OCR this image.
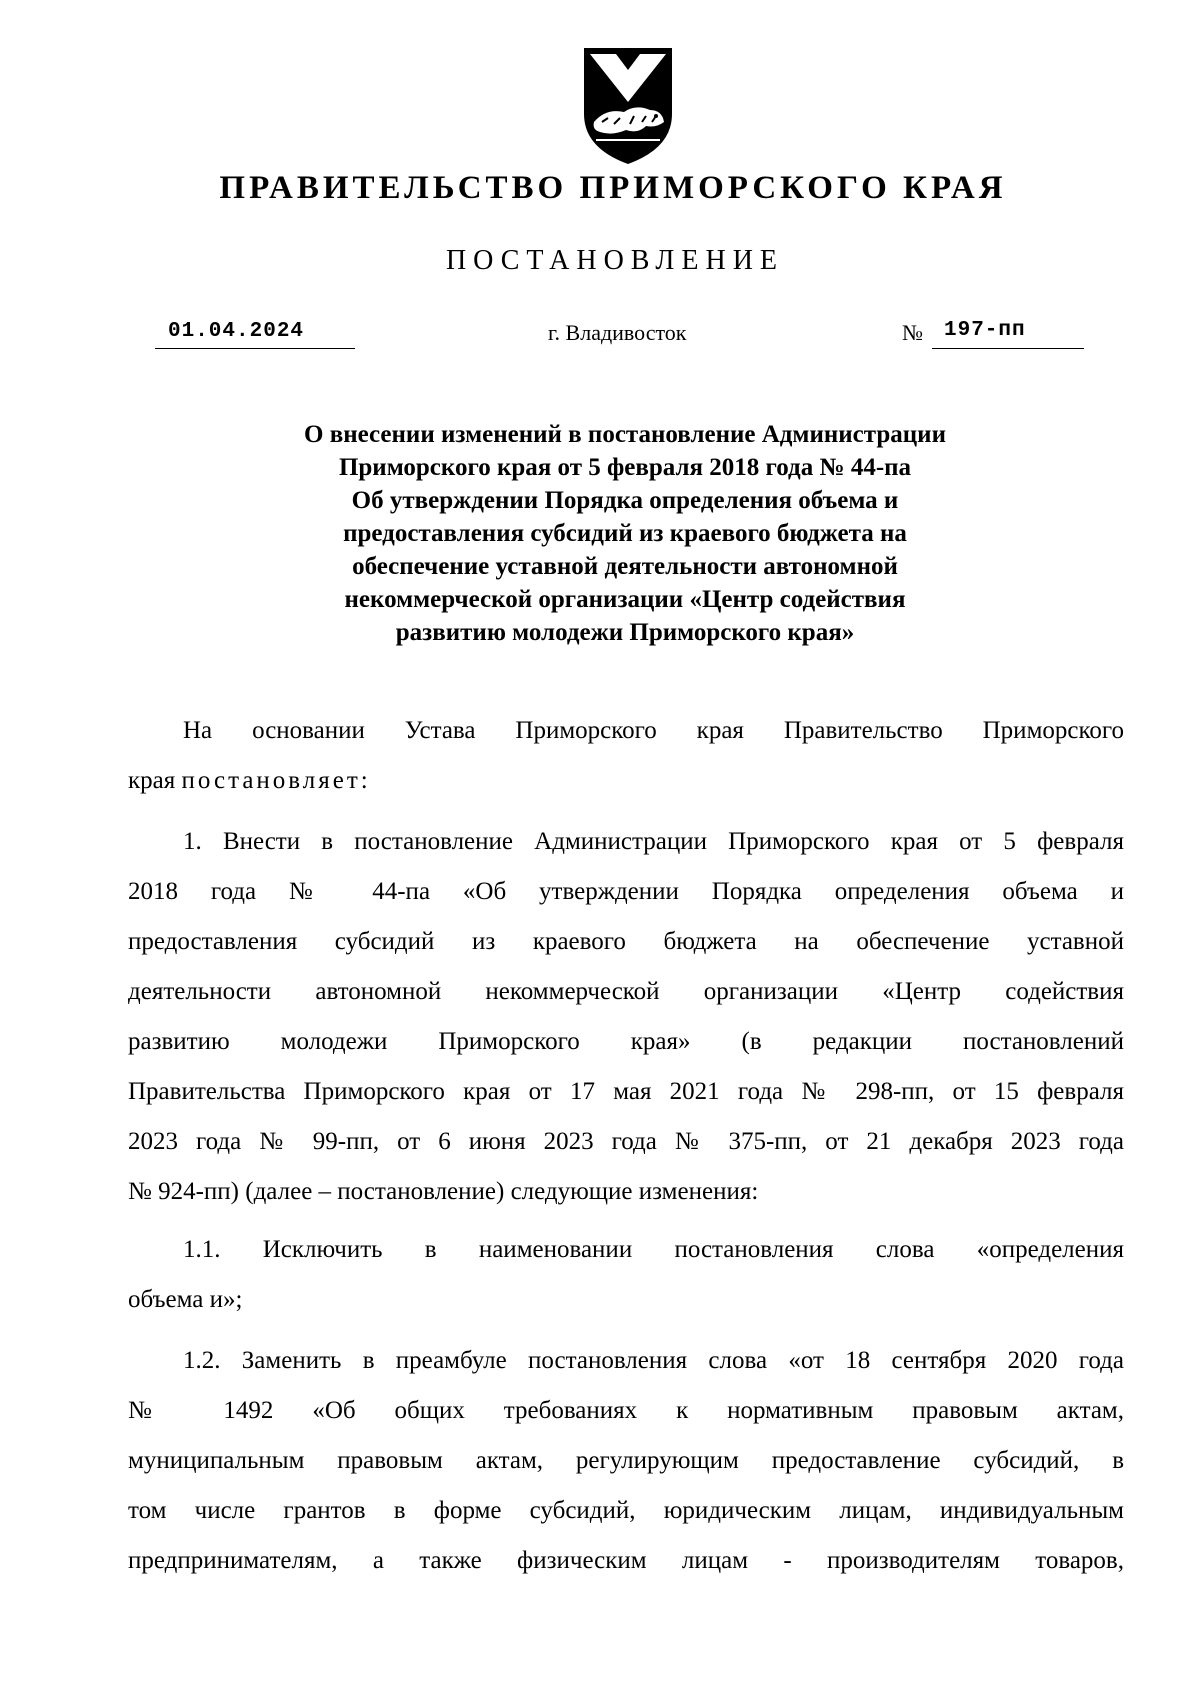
ПРАВИТЕЛЬСТВО ПРИМОРСКОГО КРАЯ
ПОСТАНОВЛЕНИЕ
01.04.2024	г. Владивосток	№ 197-пп
О внесении изменений в постановление Администрации
Приморского края от 5 февраля 2018 года № 44-па
Об утверждении Порядка определения объема и
предоставления субсидий из краевого бюджета на
обеспечение уставной деятельности автономной
некоммерческой организации «Центр содействия
развитию молодежи Приморского края»
На основании Устава Приморского края Правительство Приморского
края постановляет:
1. Внести в постановление Администрации Приморского края от 5 февраля
2018 года № 44-па «Об утверждении Порядка определения объема и
предоставления субсидий из краевого бюджета на обеспечение уставной
деятельности автономной некоммерческой организации «Центр содействия
развитию молодежи Приморского края» (в редакции постановлений
Правительства Приморского края от 17 мая 2021 года № 298-пп, от 15 февраля
2023 года № 99-пп, от 6 июня 2023 года № 375-пп, от 21 декабря 2023 года
№ 924-пп) (далее – постановление) следующие изменения:
1.1. Исключить в наименовании постановления слова «определения
объема и»;
1.2. Заменить в преамбуле постановления слова «от 18 сентября 2020 года
№ 1492 «Об общих требованиях к нормативным правовым актам,
муниципальным правовым актам, регулирующим предоставление субсидий, в
том числе грантов в форме субсидий, юридическим лицам, индивидуальным
предпринимателям, а также физическим лицам - производителям товаров,
